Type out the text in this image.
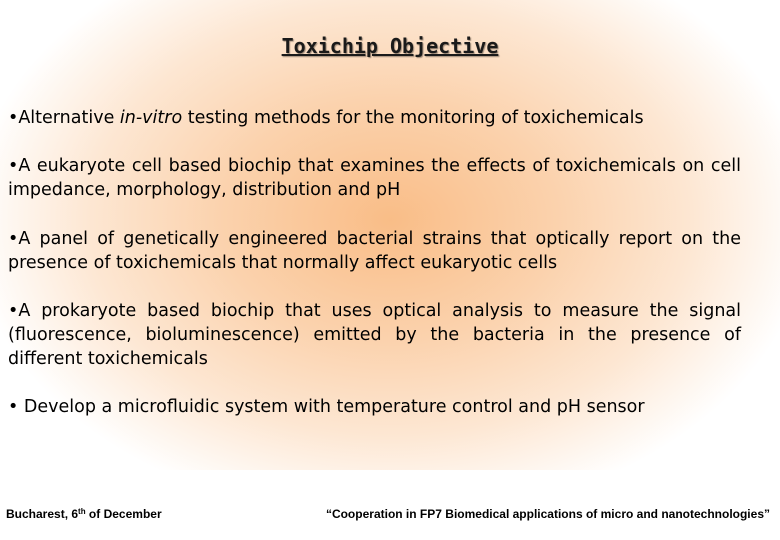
Toxichip Objective

•Alternative in-vitro testing methods for the monitoring of toxichemicals

•A eukaryote cell based biochip that examines the effects of toxichemicals on cell impedance, morphology, distribution and pH

•A panel of genetically engineered bacterial strains that optically report on the presence of toxichemicals that normally affect eukaryotic cells

•A prokaryote based biochip that uses optical analysis to measure the signal (fluorescence, bioluminescence) emitted by the bacteria in the presence of different toxichemicals

• Develop a microfluidic system with temperature control and pH sensor

Bucharest, 6th of December	“Cooperation in FP7 Biomedical applications of micro and nanotechnologies”
